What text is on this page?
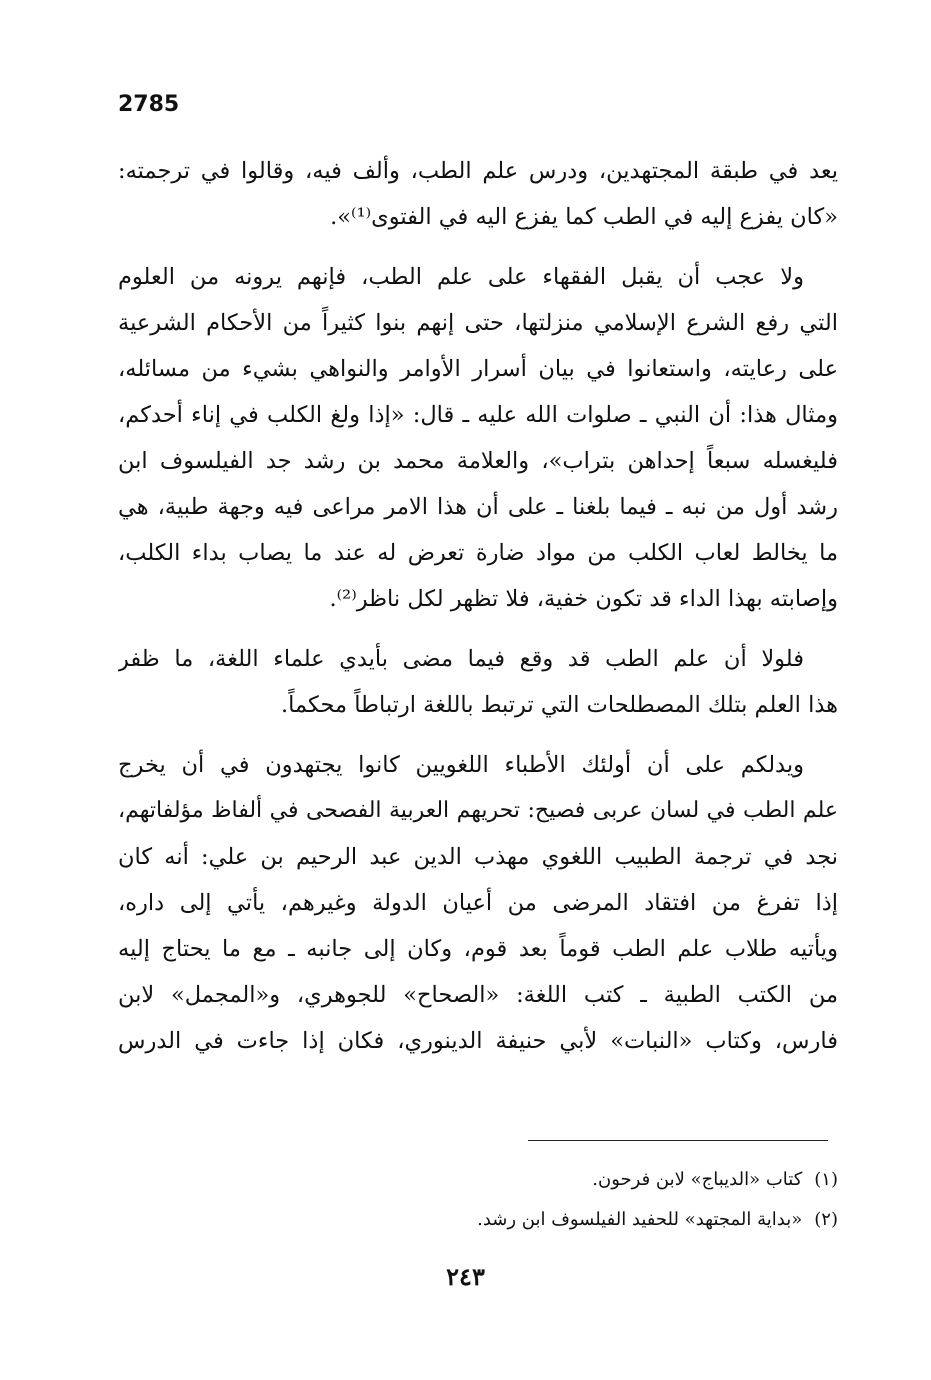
2785
يعد في طبقة المجتهدين، ودرس علم الطب، وألف فيه، وقالوا في ترجمته:
«كان يفزع إليه في الطب كما يفزع اليه في الفتوى⁽¹⁾».
ولا عجب أن يقبل الفقهاء على علم الطب، فإنهم يرونه من العلوم
التي رفع الشرع الإسلامي منزلتها، حتى إنهم بنوا كثيراً من الأحكام الشرعية
على رعايته، واستعانوا في بيان أسرار الأوامر والنواهي بشيء من مسائله،
ومثال هذا: أن النبي ـ صلوات الله عليه ـ قال: «إذا ولغ الكلب في إناء أحدكم،
فليغسله سبعاً إحداهن بتراب»، والعلامة محمد بن رشد جد الفيلسوف ابن
رشد أول من نبه ـ فيما بلغنا ـ على أن هذا الامر مراعى فيه وجهة طبية، هي
ما يخالط لعاب الكلب من مواد ضارة تعرض له عند ما يصاب بداء الكلب،
وإصابته بهذا الداء قد تكون خفية، فلا تظهر لكل ناظر⁽²⁾.
فلولا أن علم الطب قد وقع فيما مضى بأيدي علماء اللغة، ما ظفر
هذا العلم بتلك المصطلحات التي ترتبط باللغة ارتباطاً محكماً.
ويدلكم على أن أولئك الأطباء اللغويين كانوا يجتهدون في أن يخرج
علم الطب في لسان عربى فصيح: تحريهم العربية الفصحى في ألفاظ مؤلفاتهم،
نجد في ترجمة الطبيب اللغوي مهذب الدين عبد الرحيم بن علي: أنه كان
إذا تفرغ من افتقاد المرضى من أعيان الدولة وغيرهم، يأتي إلى داره،
ويأتيه طلاب علم الطب قوماً بعد قوم، وكان إلى جانبه ـ مع ما يحتاج إليه
من الكتب الطبية ـ كتب اللغة: «الصحاح» للجوهري، و«المجمل» لابن
فارس، وكتاب «النبات» لأبي حنيفة الدينوري، فكان إذا جاءت في الدرس
(١)كتاب «الديباج» لابن فرحون.
(٢)«بداية المجتهد» للحفيد الفيلسوف ابن رشد.
٢٤٣
